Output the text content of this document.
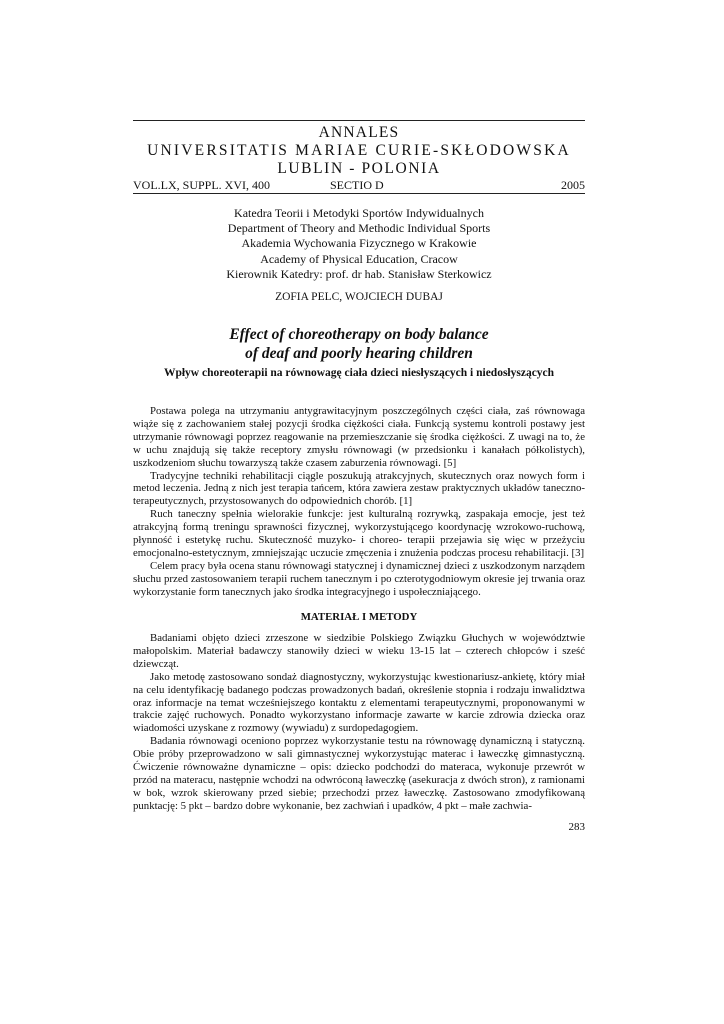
ANNALES
UNIVERSITATIS MARIAE CURIE-SKŁODOWSKA
LUBLIN - POLONIA
VOL.LX, SUPPL. XVI, 400	SECTIO D	2005
Katedra Teorii i Metodyki Sportów Indywidualnych
Department of Theory and Methodic Individual Sports
Akademia Wychowania Fizycznego w Krakowie
Academy of Physical Education, Cracow
Kierownik Katedry: prof. dr hab. Stanisław Sterkowicz
ZOFIA PELC, WOJCIECH DUBAJ
Effect of choreotherapy on body balance
of deaf and poorly hearing children
Wpływ choreoterapii na równowagę ciała dzieci niesłyszących i niedosłyszących

Postawa polega na utrzymaniu antygrawitacyjnym poszczególnych części ciała, zaś równowaga wiąże się z zachowaniem stałej pozycji środka ciężkości ciała. Funkcją systemu kontroli postawy jest utrzymanie równowagi poprzez reagowanie na przemieszczanie się środka ciężkości. Z uwagi na to, że w uchu znajdują się także receptory zmysłu równowagi (w przedsionku i kanałach półkolistych), uszkodzeniom słuchu towarzyszą także czasem zaburzenia równowagi. [5]

Tradycyjne techniki rehabilitacji ciągle poszukują atrakcyjnych, skutecznych oraz nowych form i metod leczenia. Jedną z nich jest terapia tańcem, która zawiera zestaw praktycznych układów taneczno-terapeutycznych, przystosowanych do odpowiednich chorób. [1]

Ruch taneczny spełnia wielorakie funkcje: jest kulturalną rozrywką, zaspakaja emocje, jest też atrakcyjną formą treningu sprawności fizycznej, wykorzystującego koordynację wzrokowo-ruchową, płynność i estetykę ruchu. Skuteczność muzyko- i choreo- terapii przejawia się więc w przeżyciu emocjonalno-estetycznym, zmniejszając uczucie zmęczenia i znużenia podczas procesu rehabilitacji. [3]

Celem pracy była ocena stanu równowagi statycznej i dynamicznej dzieci z uszkodzonym narządem słuchu przed zastosowaniem terapii ruchem tanecznym i po czterotygodniowym okresie jej trwania oraz wykorzystanie form tanecznych jako środka integracyjnego i uspołeczniającego.

MATERIAŁ I METODY

Badaniami objęto dzieci zrzeszone w siedzibie Polskiego Związku Głuchych w województwie małopolskim. Materiał badawczy stanowiły dzieci w wieku 13-15 lat – czterech chłopców i sześć dziewcząt.

Jako metodę zastosowano sondaż diagnostyczny, wykorzystując kwestionariusz-ankietę, który miał na celu identyfikację badanego podczas prowadzonych badań, określenie stopnia i rodzaju inwalidztwa oraz informacje na temat wcześniejszego kontaktu z elementami terapeutycznymi, proponowanymi w trakcie zajęć ruchowych. Ponadto wykorzystano informacje zawarte w karcie zdrowia dziecka oraz wiadomości uzyskane z rozmowy (wywiadu) z surdopedagogiem.

Badania równowagi oceniono poprzez wykorzystanie testu na równowagę dynamiczną i statyczną. Obie próby przeprowadzono w sali gimnastycznej wykorzystując materac i ławeczkę gimnastyczną. Ćwiczenie równoważne dynamiczne – opis: dziecko podchodzi do materaca, wykonuje przewrót w przód na materacu, następnie wchodzi na odwróconą ławeczkę (asekuracja z dwóch stron), z ramionami w bok, wzrok skierowany przed siebie; przechodzi przez ławeczkę. Zastosowano zmodyfikowaną punktację: 5 pkt – bardzo dobre wykonanie, bez zachwiań i upadków, 4 pkt – małe zachwia-

283
